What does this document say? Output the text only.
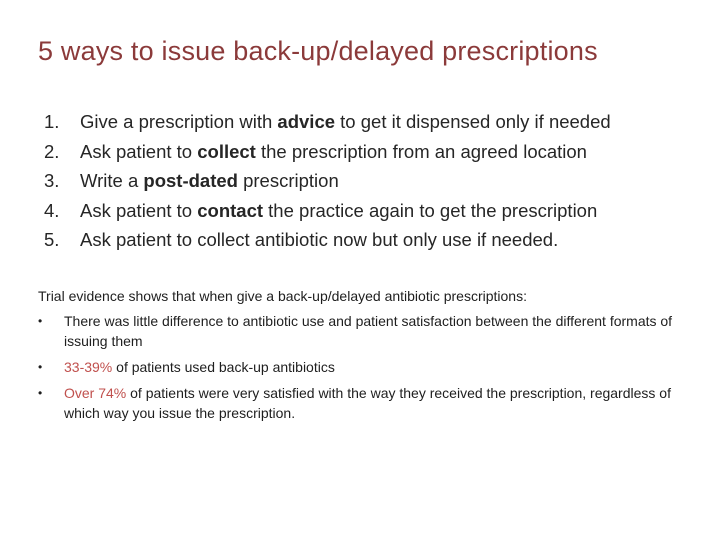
5 ways to issue back-up/delayed prescriptions
1. Give a prescription with advice to get it dispensed only if needed
2. Ask patient to collect the prescription from an agreed location
3. Write a post-dated prescription
4. Ask patient to contact the practice again to get the prescription
5. Ask patient to collect antibiotic now but only use if needed.

Trial evidence shows that when give a back-up/delayed antibiotic prescriptions:

• There was little difference to antibiotic use and patient satisfaction between the different formats of issuing them
• 33-39% of patients used back-up antibiotics
• Over 74% of patients were very satisfied with the way they received the prescription, regardless of which way you issue the prescription.
